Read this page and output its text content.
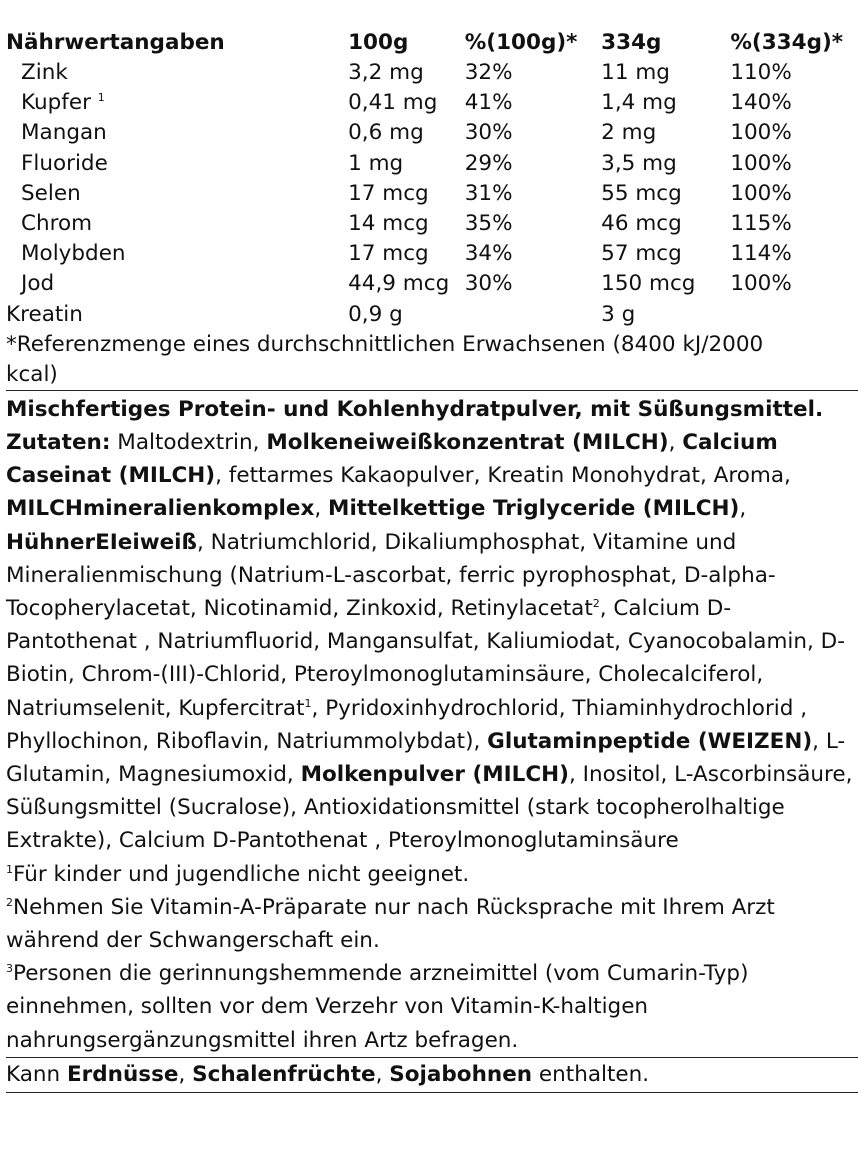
Nährwertangaben	100g	%(100g)*	334g	%(334g)*
Zink	3,2 mg	32%	11 mg	110%
Kupfer $^1$	0,41 mg	41%	1,4 mg	140%
Mangan	0,6 mg	30%	2 mg	100%
Fluoride	1 mg	29%	3,5 mg	100%
Selen	17 mcg	31%	55 mcg	100%
Chrom	14 mcg	35%	46 mcg	115%
Molybden	17 mcg	34%	57 mcg	114%
Jod	44,9 mcg	30%	150 mcg	100%
Kreatin	0,9 g		3 g	
*Referenzmenge eines durchschnittlichen Erwachsenen (8400 kJ/2000 kcal)
Mischfertiges Protein- und Kohlenhydratpulver, mit Süßungsmittel. Zutaten: Maltodextrin, Molkeneiweißkonzentrat (MILCH), Calcium Caseinat (MILCH), fettarmes Kakaopulver, Kreatin Monohydrat, Aroma, MILCHmineralienkomplex, Mittelkettige Triglyceride (MILCH), HühnerEIeiweiß, Natriumchlorid, Dikaliumphosphat, Vitamine und Mineralienmischung (Natrium-L-ascorbat, ferric pyrophosphat, D-alpha-Tocopherylacetat, Nicotinamid, Zinkoxid, Retinylacetat$^2$, Calcium D-Pantothenat , Natriumfluorid, Mangansulfat, Kaliumiodat, Cyanocobalamin, D-Biotin, Chrom-(III)-Chlorid, Pteroylmonoglutaminsäure, Cholecalciferol, Natriumselenit, Kupfercitrat$^1$, Pyridoxinhydrochlorid, Thiaminhydrochlorid , Phyllochinon, Riboflavin, Natriummolybdat), Glutaminpeptide (WEIZEN), L-Glutamin, Magnesiumoxid, Molkenpulver (MILCH), Inositol, L-Ascorbinsäure, Süßungsmittel (Sucralose), Antioxidationsmittel (stark tocopherolhaltige Extrakte), Calcium D-Pantothenat , Pteroylmonoglutaminsäure
$^1$Für kinder und jugendliche nicht geeignet.
$^2$Nehmen Sie Vitamin-A-Präparate nur nach Rücksprache mit Ihrem Arzt während der Schwangerschaft ein.
$^3$Personen die gerinnungshemmende arzneimittel (vom Cumarin-Typ) einnehmen, sollten vor dem Verzehr von Vitamin-K-haltigen nahrungsergänzungsmittel ihren Artz befragen.
Kann Erdnüsse, Schalenfrüchte, Sojabohnen enthalten.
